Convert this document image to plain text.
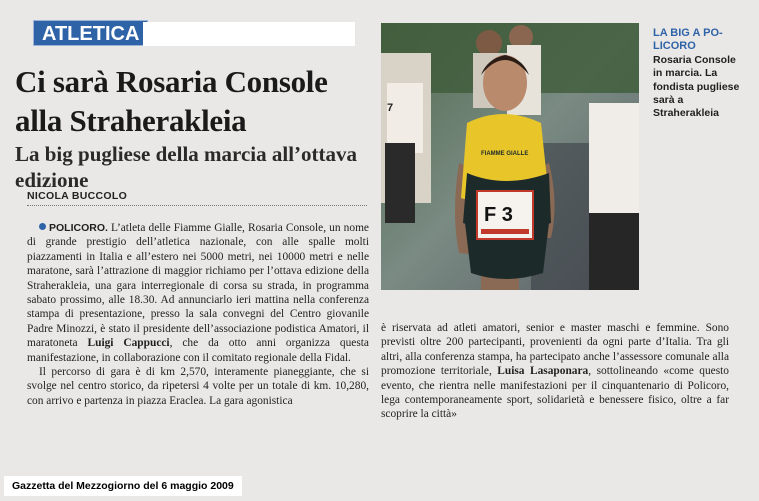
ATLETICA
Ci sarà Rosaria Console
alla Straherakleia
La big pugliese della marcia all’ottava edizione
NICOLA BUCCOLO

POLICORO. L’atleta delle Fiamme Gialle, Rosaria Console, un nome di grande prestigio dell’atletica nazionale, con alle spalle molti piazzamenti in Italia e all’estero nei 5000 metri, nei 10000 metri e nelle maratone, sarà l’attrazione di maggior richiamo per l’ottava edizione della Straherakleia, una gara interregionale di corsa su strada, in programma sabato prossimo, alle 18.30. Ad annunciarlo ieri mattina nella conferenza stampa di presentazione, presso la sala convegni del Centro giovanile Padre Minozzi, è stato il presidente dell’associazione podistica Amatori, il maratoneta Luigi Cappucci, che da otto anni organizza questa manifestazione, in collaborazione con il comitato regionale della Fidal.

Il percorso di gara è di km 2,570, interamente pianeggiante, che si svolge nel centro storico, da ripetersi 4 volte per un totale di km. 10,280, con arrivo e partenza in piazza Eraclea. La gara agonistica

7
FIAMME GIALLE
F 3
LA BIG A PO-
LICORO
Rosaria Console in marcia. La fondista pugliese sarà a Straherakleia

è riservata ad atleti amatori, senior e master maschi e femmine. Sono previsti oltre 200 partecipanti, provenienti da ogni parte d’Italia. Tra gli altri, alla conferenza stampa, ha partecipato anche l’assessore comunale alla promozione territoriale, Luisa Lasaponara, sottolineando «come questo evento, che rientra nelle manifestazioni per il cinquantenario di Policoro, lega contemporaneamente sport, solidarietà e benessere fisico, oltre a far scoprire la città»

Gazzetta del Mezzogiorno del 6 maggio 2009
